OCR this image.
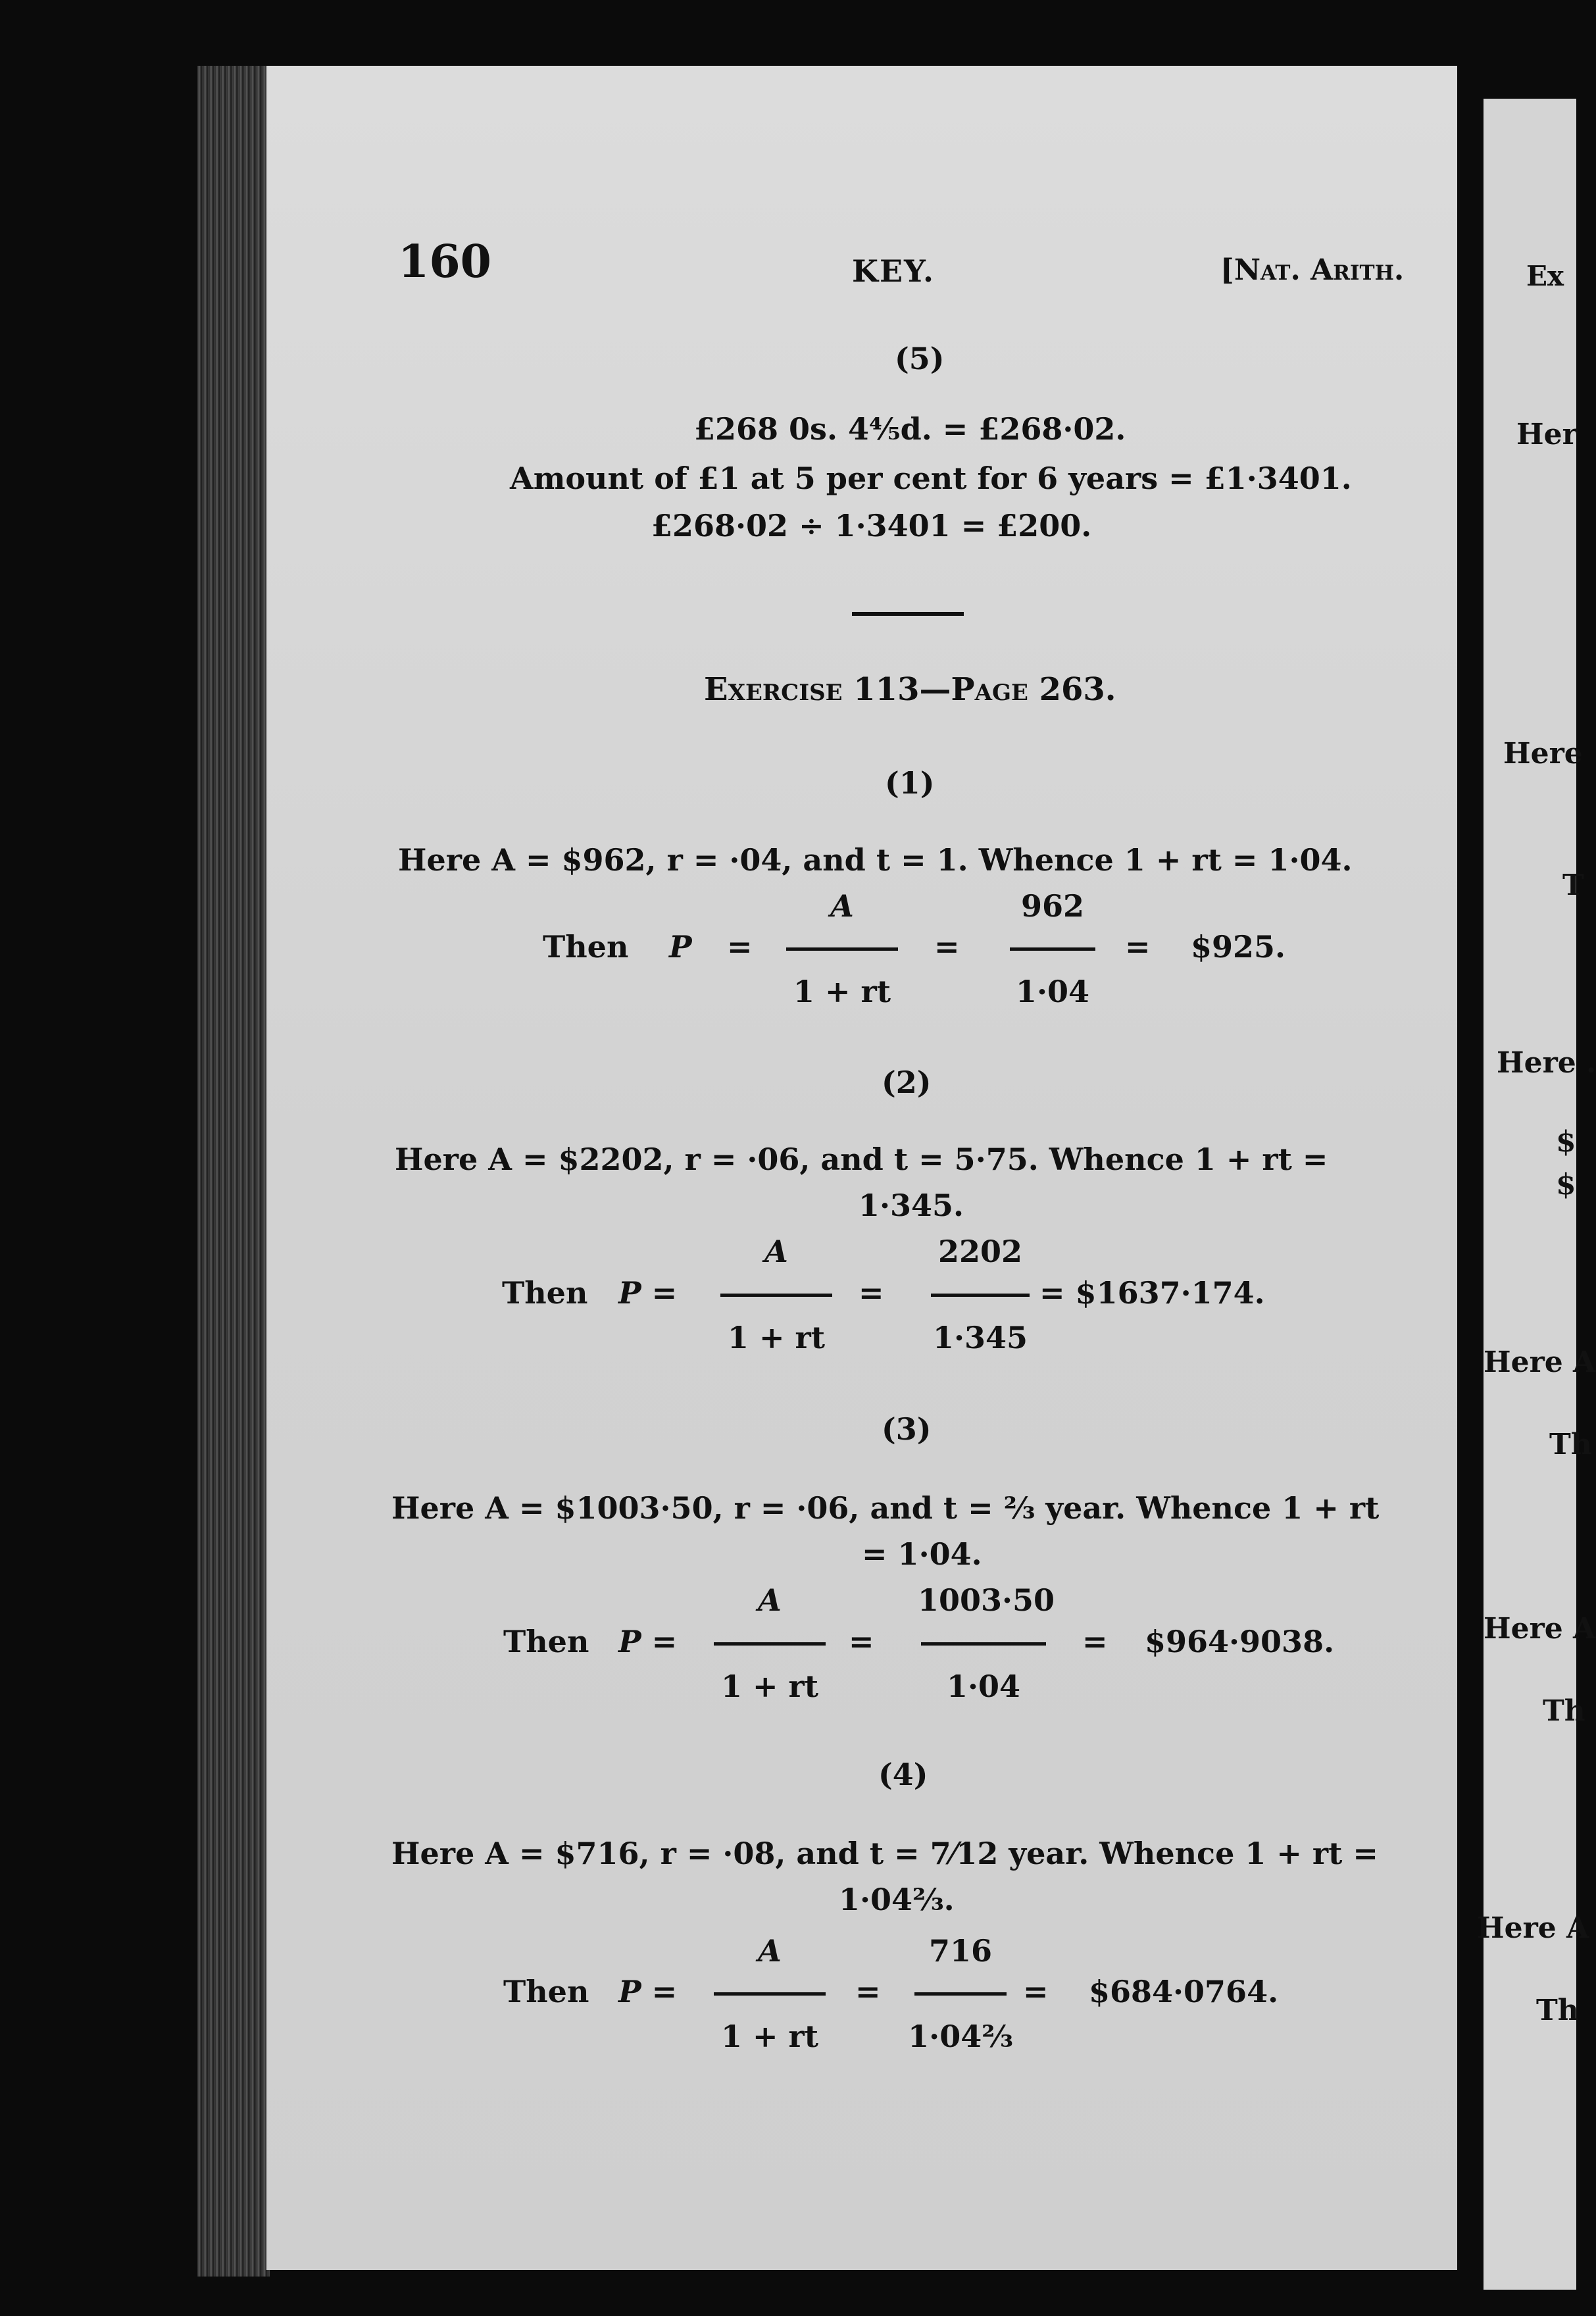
160	KEY.	[Nat. Arith.
(5)
£268 0s. 4⅘d. = £268·02.
Amount of £1 at 5 per cent for 6 years = £1·3401.
£268·02 ÷ 1·3401 = £200.
Exercise 113—Page 263.
(1)
Here A = $962, r = ·04, and t = 1. Whence 1 + rt = 1·04.
Then P =
A
1 + rt
=
962
1·04
= $925.
(2)
Here A = $2202, r = ·06, and t = 5·75. Whence 1 + rt =
1·345.
Then P =
A
1 + rt
=
2202
1·345
= $1637·174.
(3)
Here A = $1003·50, r = ·06, and t = ⅔ year. Whence 1 + rt
= 1·04.
Then P =
A
1 + rt
=
1003·50
1·04
= $964·9038.
(4)
Here A = $716, r = ·08, and t = 7⁄12 year. Whence 1 + rt =
1·04⅔.
Then P =
A
1 + rt
=
716
1·04⅔
= $684·0764.
Ex
Her
Here
T
Here .
$
$
Here A
Th
Here A
Th
Here A
Th
